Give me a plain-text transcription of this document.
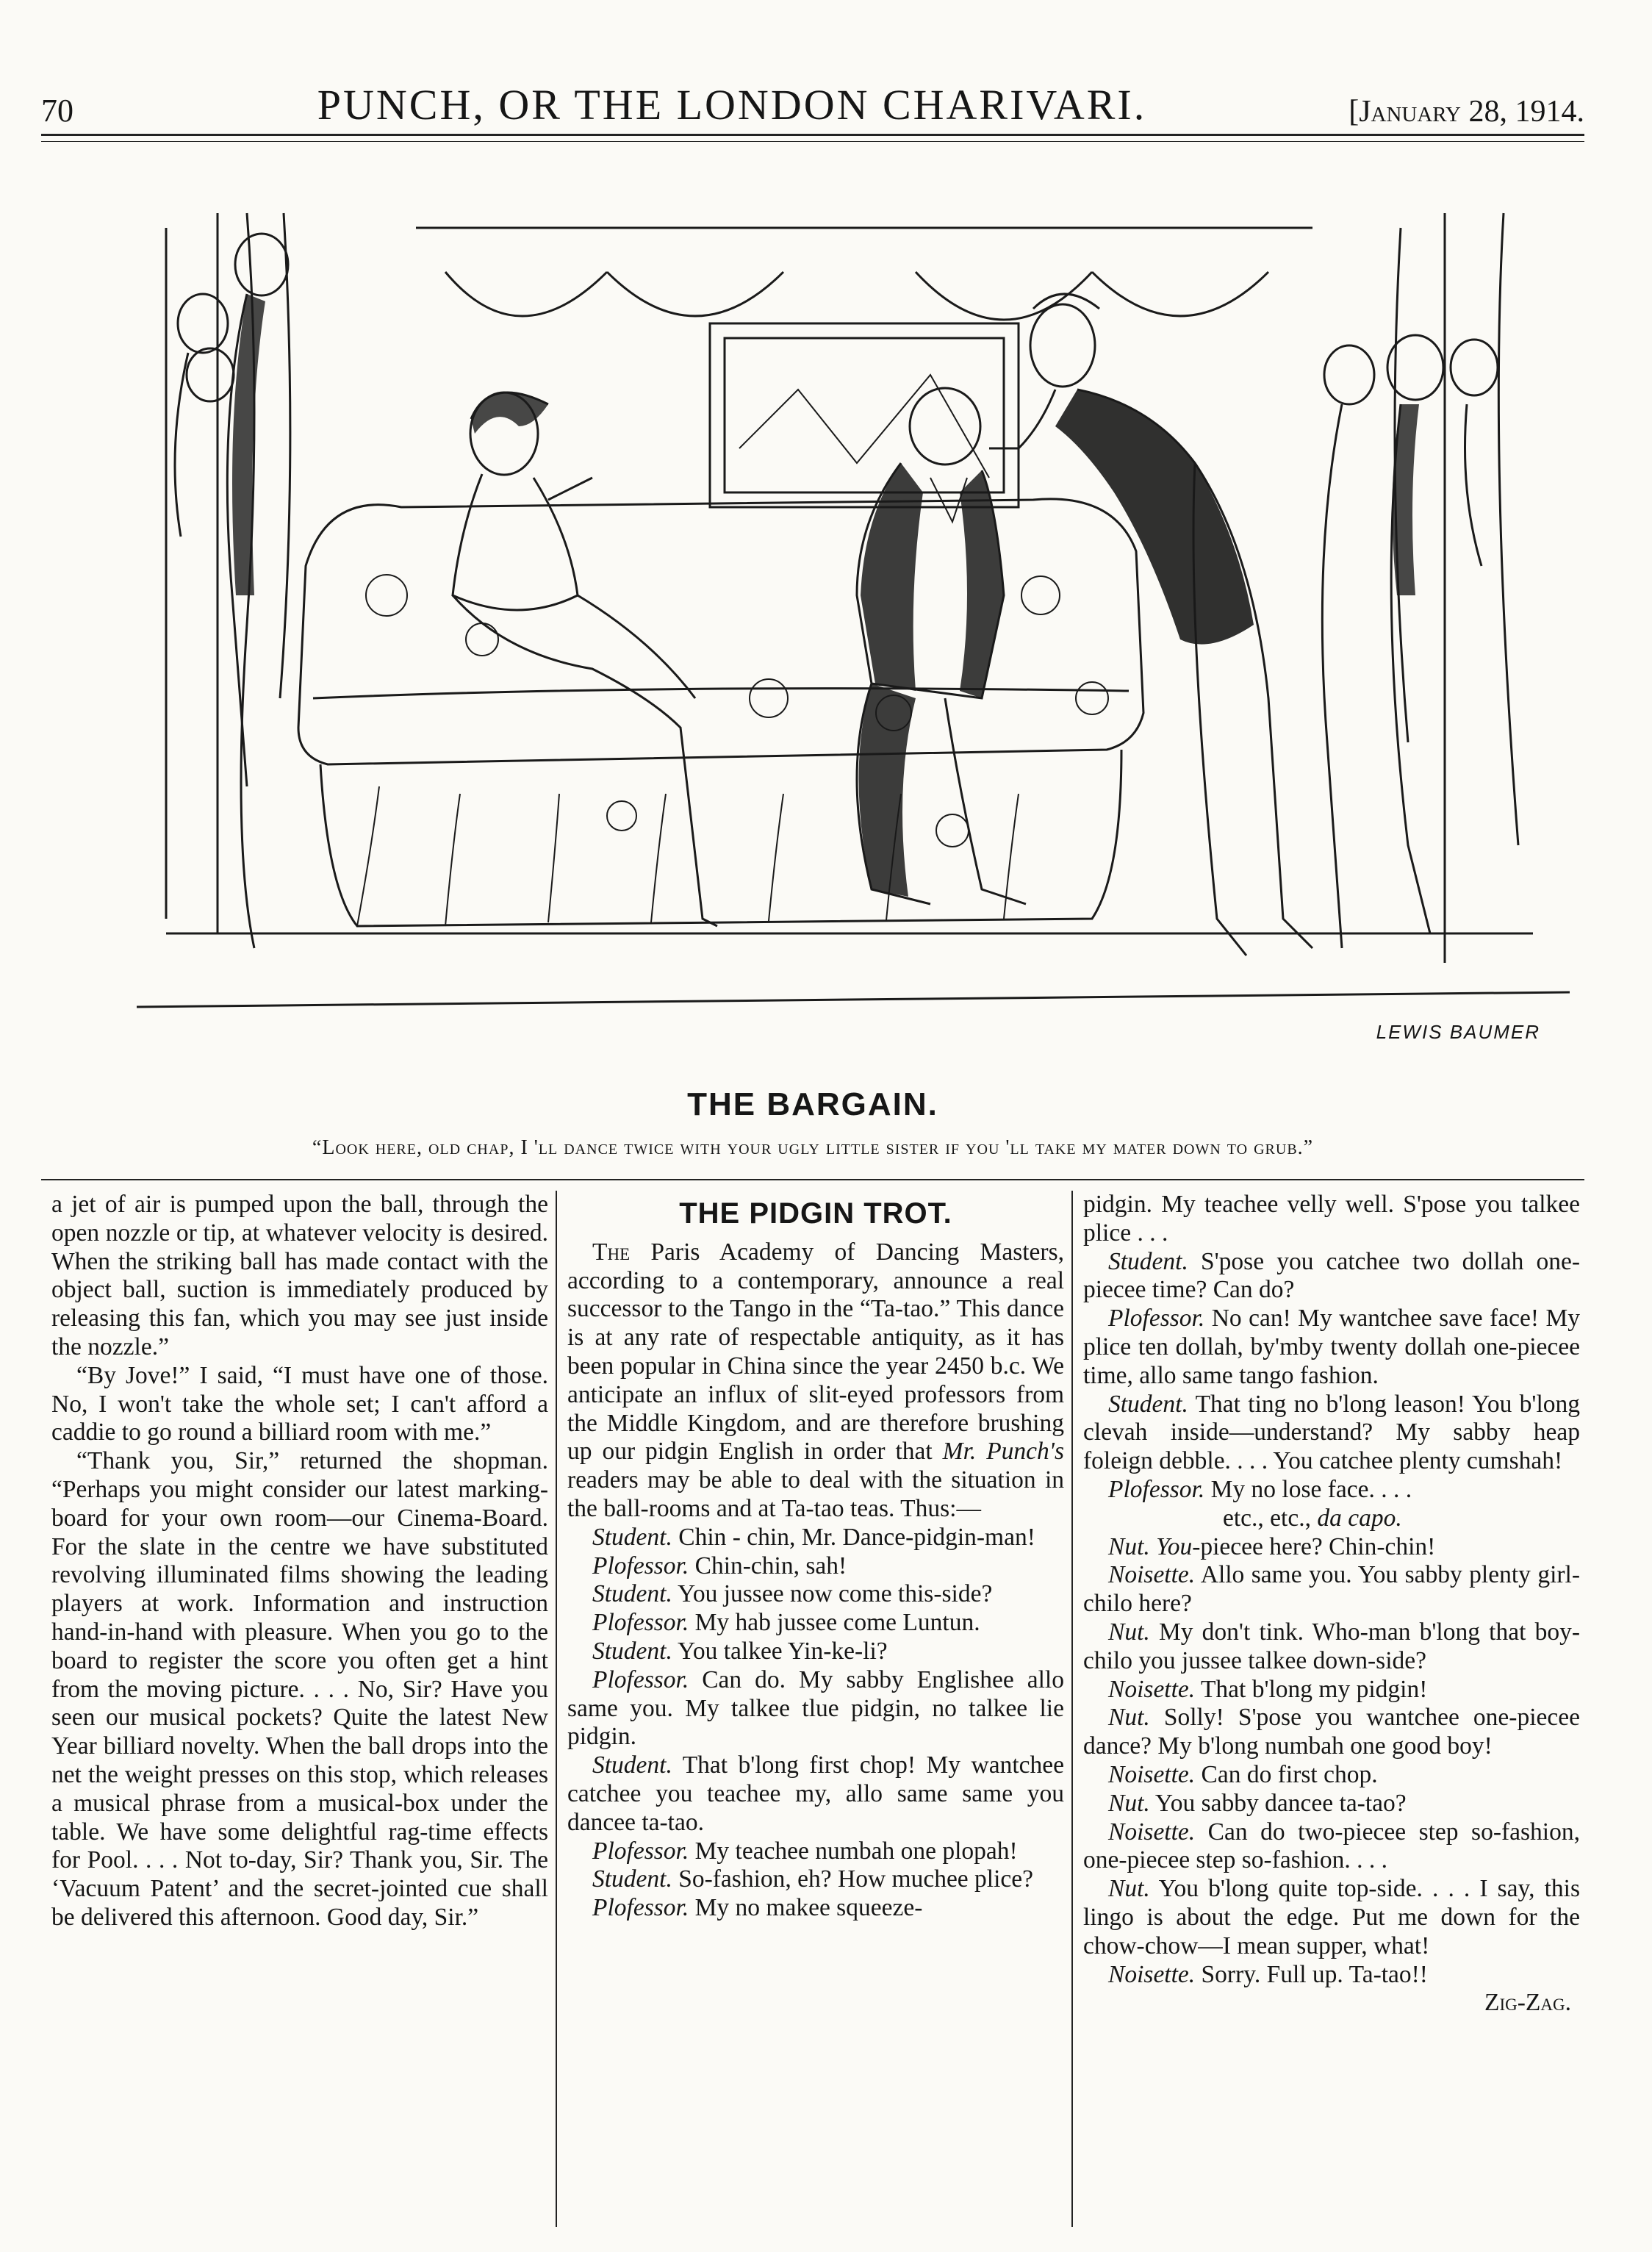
70	PUNCH, OR THE LONDON CHARIVARI.	[January 28, 1914.
LEWIS BAUMER
THE BARGAIN.
“Look here, old chap, I 'll dance twice with your ugly little sister if you 'll take my mater down to grub.”

a jet of air is pumped upon the ball, through the open nozzle or tip, at whatever velocity is desired. When the striking ball has made contact with the object ball, suction is immediately produced by releasing this fan, which you may see just inside the nozzle.”

“By Jove!” I said, “I must have one of those. No, I won't take the whole set; I can't afford a caddie to go round a billiard room with me.”

“Thank you, Sir,” returned the shopman. “Perhaps you might consider our latest marking-board for your own room—our Cinema-Board. For the slate in the centre we have substituted revolving illuminated films showing the leading players at work. Information and instruction hand-in-hand with pleasure. When you go to the board to register the score you often get a hint from the moving picture. . . . No, Sir? Have you seen our musical pockets? Quite the latest New Year billiard novelty. When the ball drops into the net the weight presses on this stop, which releases a musical phrase from a musical-box under the table. We have some delightful rag-time effects for Pool. . . . Not to-day, Sir? Thank you, Sir. The ‘Vacuum Patent’ and the secret-jointed cue shall be delivered this afternoon. Good day, Sir.”

THE PIDGIN TROT.

The Paris Academy of Dancing Masters, according to a contemporary, announce a real successor to the Tango in the “Ta-tao.” This dance is at any rate of respectable antiquity, as it has been popular in China since the year 2450 b.c. We anticipate an influx of slit-eyed professors from the Middle Kingdom, and are therefore brushing up our pidgin English in order that Mr. Punch's readers may be able to deal with the situation in the ball-rooms and at Ta-tao teas. Thus:—

Student. Chin - chin, Mr. Dance-pidgin-man!

Plofessor. Chin-chin, sah!

Student. You jussee now come this-side?

Plofessor. My hab jussee come Luntun.

Student. You talkee Yin-ke-li?

Plofessor. Can do. My sabby Englishee allo same you. My talkee tlue pidgin, no talkee lie pidgin.

Student. That b'long first chop! My wantchee catchee you teachee my, allo same same you dancee ta-tao.

Plofessor. My teachee numbah one plopah!

Student. So-fashion, eh? How muchee plice?

Plofessor. My no makee squeeze-

pidgin. My teachee velly well. S'pose you talkee plice . . .

Student. S'pose you catchee two dollah one-piecee time? Can do?

Plofessor. No can! My wantchee save face! My plice ten dollah, by'mby twenty dollah one-piecee time, allo same tango fashion.

Student. That ting no b'long leason! You b'long clevah inside—understand? My sabby heap foleign debble. . . . You catchee plenty cumshah!

Plofessor. My no lose face. . . .

etc., etc., da capo.

Nut. You-piecee here? Chin-chin!

Noisette. Allo same you. You sabby plenty girl-chilo here?

Nut. My don't tink. Who-man b'long that boy-chilo you jussee talkee down-side?

Noisette. That b'long my pidgin!

Nut. Solly! S'pose you wantchee one-piecee dance? My b'long numbah one good boy!

Noisette. Can do first chop.

Nut. You sabby dancee ta-tao?

Noisette. Can do two-piecee step so-fashion, one-piecee step so-fashion. . . .

Nut. You b'long quite top-side. . . . I say, this lingo is about the edge. Put me down for the chow-chow—I mean supper, what!

Noisette. Sorry. Full up. Ta-tao!!

Zig-Zag.
